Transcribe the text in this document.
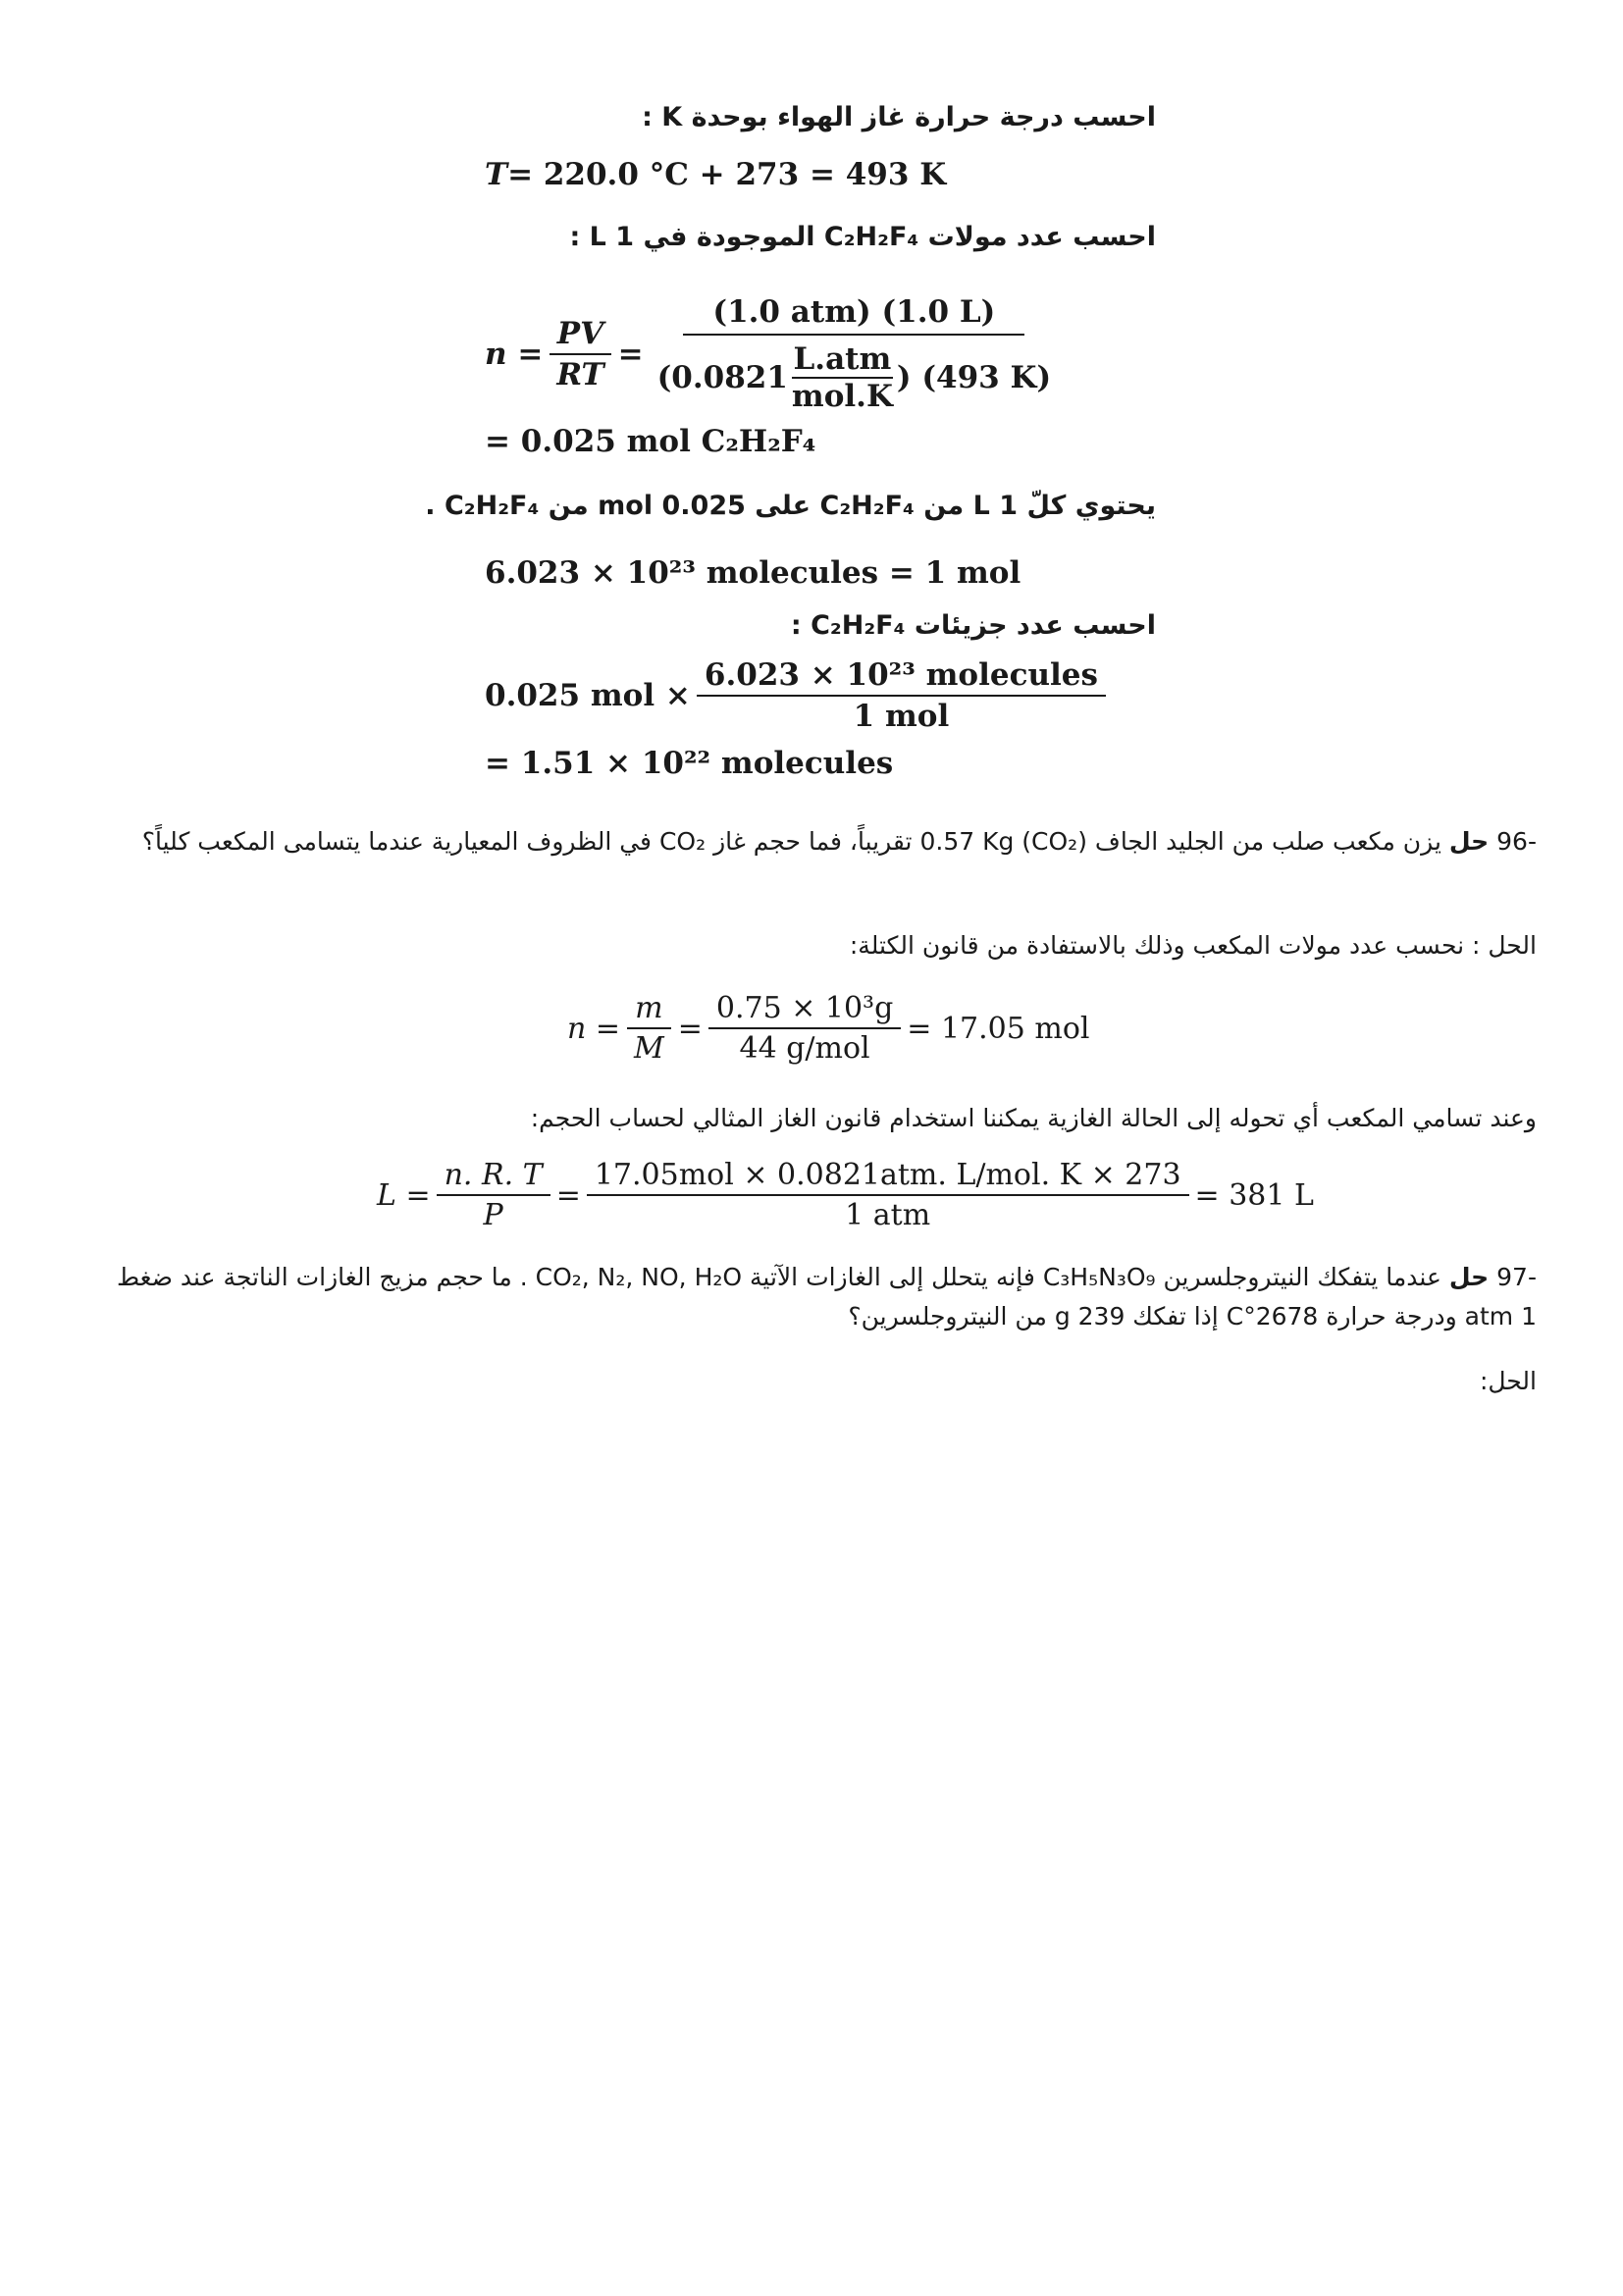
احسب درجة حرارة غاز الهواء بوحدة K :
T = 220.0 °C + 273 = 493 K
احسب عدد مولات C₂H₂F₄ الموجودة في 1 L :
$n = \frac{PV}{RT}$ =
(1.0 atm) (1.0 L)
($0.0821 \frac{\text{L.atm}}{\text{mol.K}}$ ) (493 K)
= 0.025 mol C₂H₂F₄
يحتوي كلّ 1 L من C₂H₂F₄ على 0.025 mol من C₂H₂F₄ .
6.023 × 10²³ molecules = 1 mol
احسب عدد جزيئات C₂H₂F₄ :
0.025 mol × $\frac{\text{6.023 × 10²³ molecules}}{\text{1 mol}}$
= 1.51 × 10²² molecules
-96 حل يزن مكعب صلب من الجليد الجاف (CO₂) 0.57 Kg تقريباً، فما حجم غاز CO₂ في الظروف المعيارية عندما يتسامى المكعب كلياً؟
الحل : نحسب عدد مولات المكعب وذلك بالاستفادة من قانون الكتلة:
$n = \frac{m}{M} = \frac{\text{0.75 × 10³g}}{\text{44 g/mol}} = 17.05$ mol
وعند تسامي المكعب أي تحوله إلى الحالة الغازية يمكننا استخدام قانون الغاز المثالي لحساب الحجم:
$L = \frac{n. R. T}{P} = \frac{\text{17.05mol × 0.0821atm. L/mol. K × 273}}{\text{1 atm}} = 381$ L
-97 حل عندما يتفكك النيتروجلسرين C₃H₅N₃O₉ فإنه يتحلل إلى الغازات الآتية CO₂, N₂, NO, H₂O . ما حجم مزيج الغازات الناتجة عند ضغط 1 atm ودرجة حرارة 2678°C إذا تفكك 239 g من النيتروجلسرين؟
الحل:
